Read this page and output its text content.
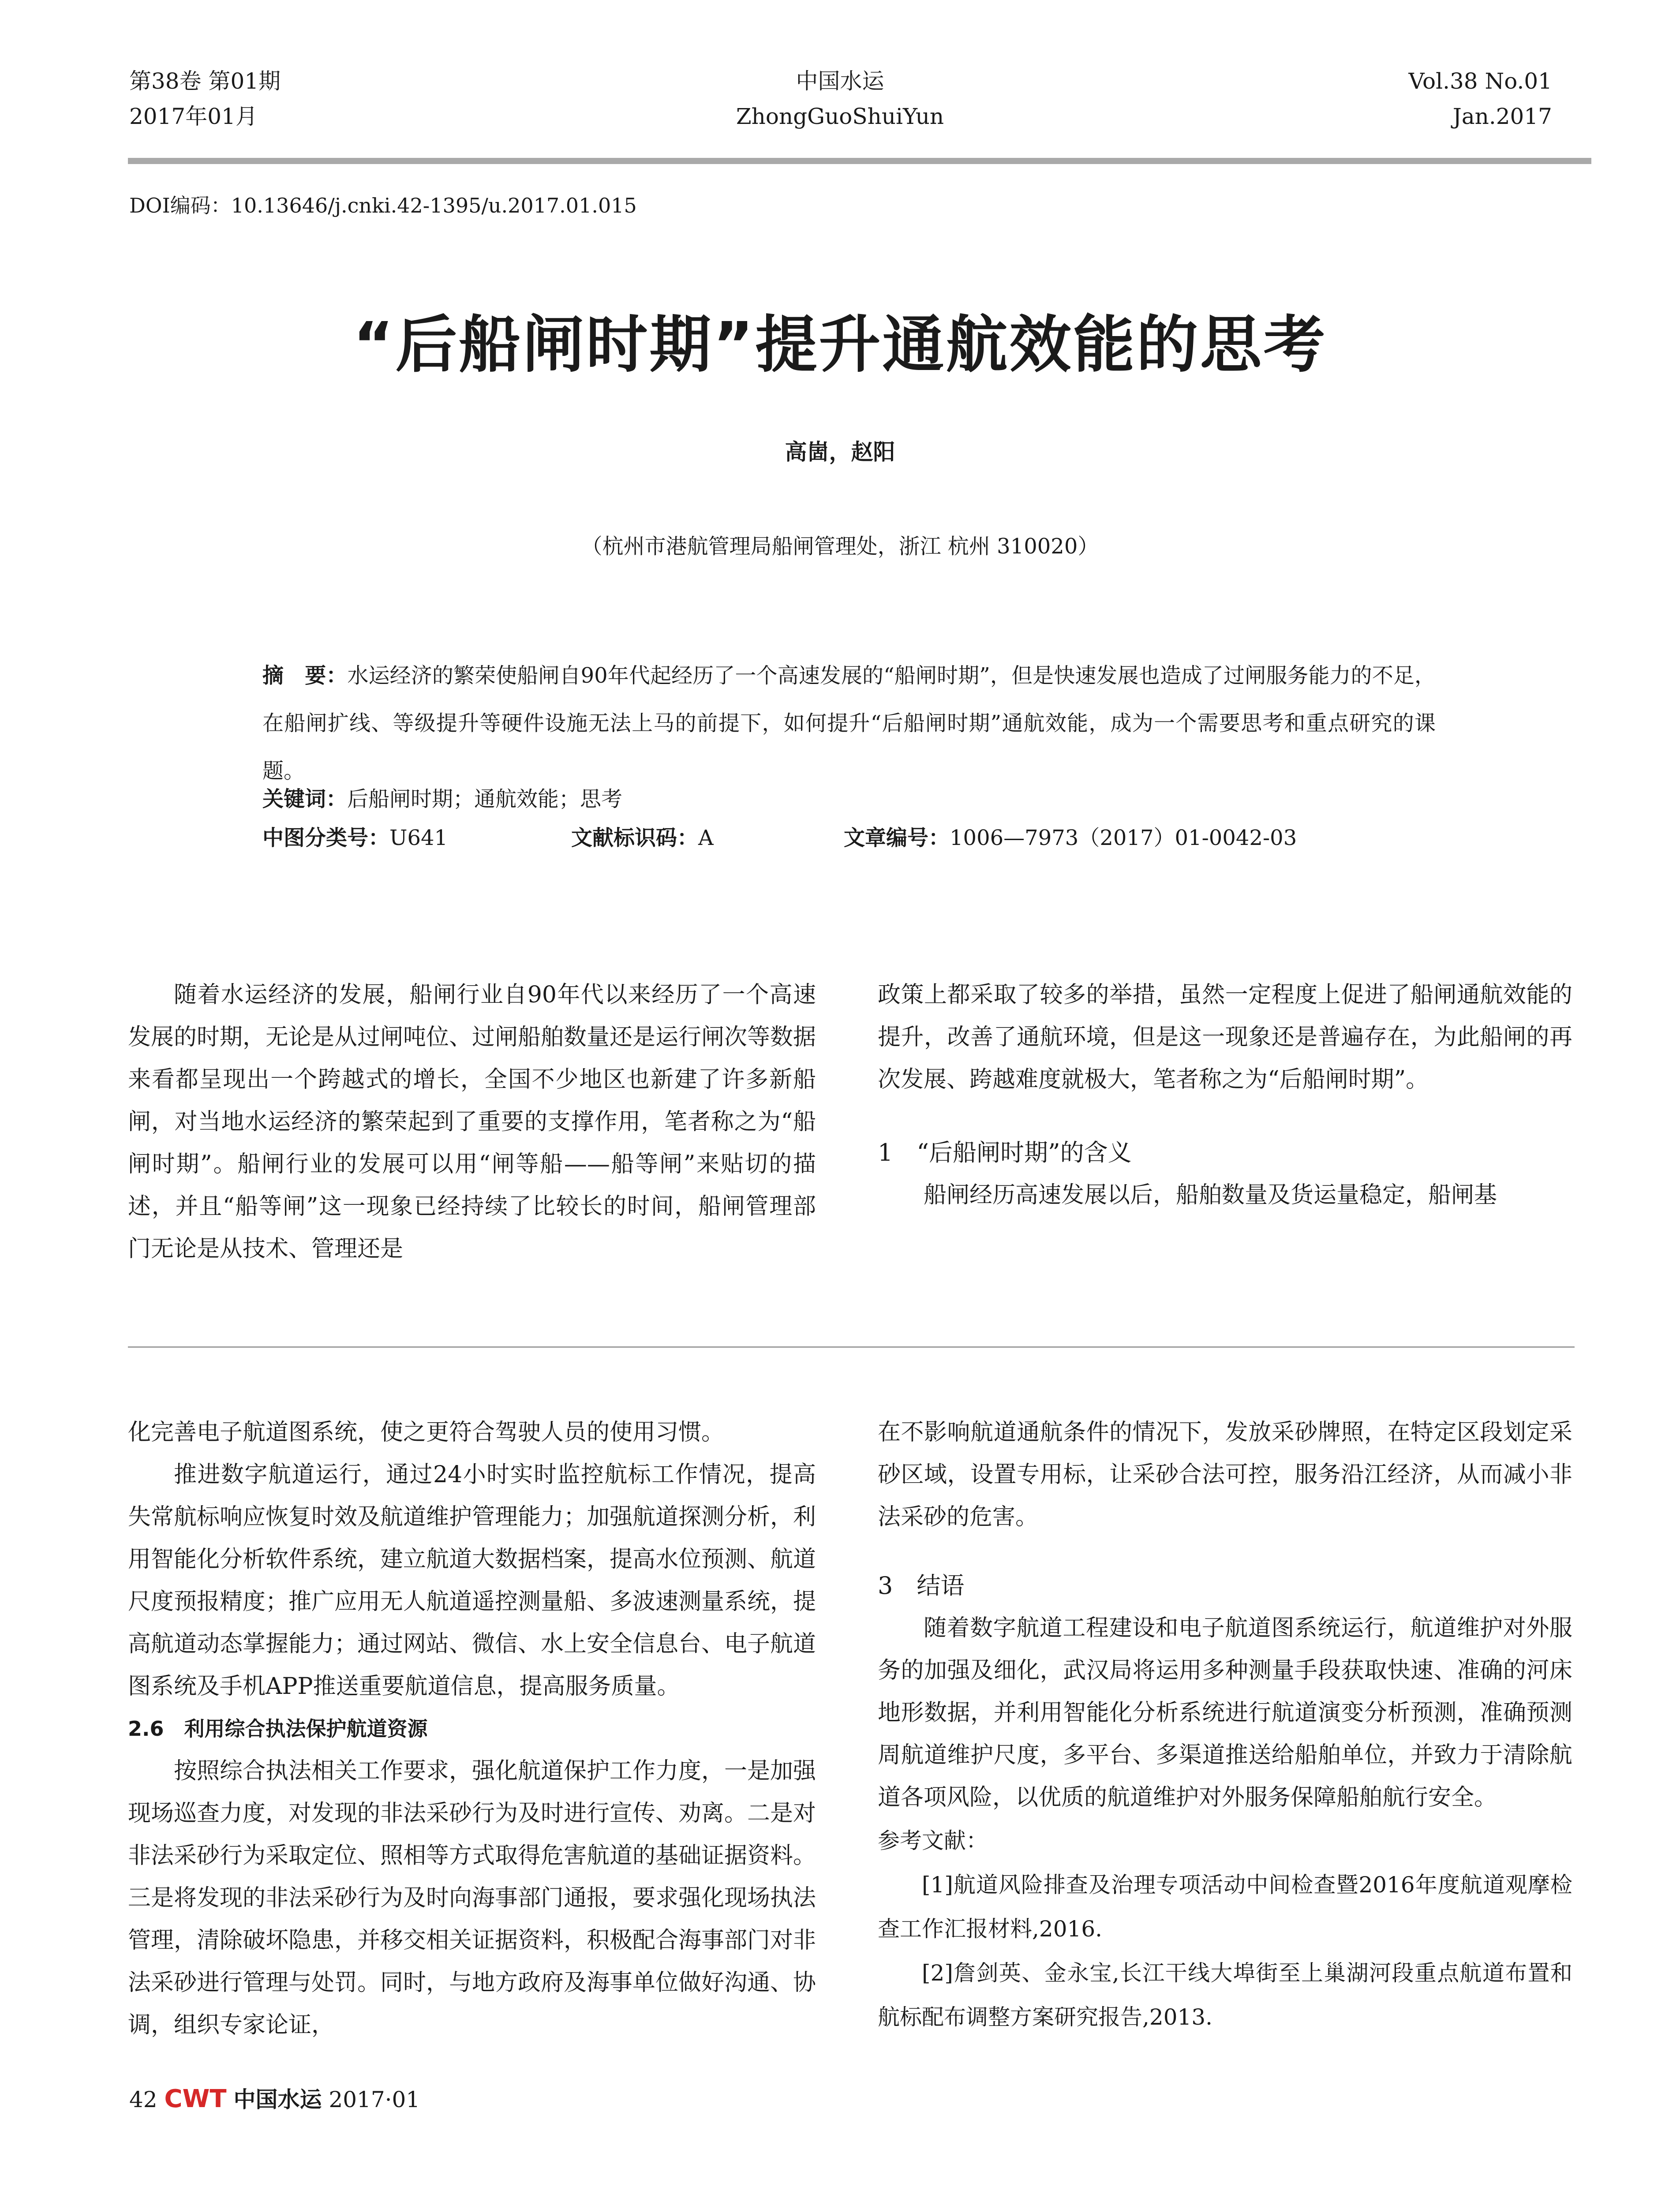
第38卷 第01期
2017年01月
中国水运
ZhongGuoShuiYun
Vol.38 No.01
Jan.2017
DOI编码：10.13646/j.cnki.42-1395/u.2017.01.015
“后船闸时期”提升通航效能的思考
高崮，赵阳
（杭州市港航管理局船闸管理处，浙江 杭州 310020）
摘　要：水运经济的繁荣使船闸自90年代起经历了一个高速发展的“船闸时期”，但是快速发展也造成了过闸服务能力的不足，在船闸扩线、等级提升等硬件设施无法上马的前提下，如何提升“后船闸时期”通航效能，成为一个需要思考和重点研究的课题。
关键词：后船闸时期；通航效能；思考
中图分类号：U641	文献标识码：A	文章编号：1006—7973（2017）01-0042-03

随着水运经济的发展，船闸行业自90年代以来经历了一个高速发展的时期，无论是从过闸吨位、过闸船舶数量还是运行闸次等数据来看都呈现出一个跨越式的增长，全国不少地区也新建了许多新船闸，对当地水运经济的繁荣起到了重要的支撑作用，笔者称之为“船闸时期”。船闸行业的发展可以用“闸等船——船等闸”来贴切的描述，并且“船等闸”这一现象已经持续了比较长的时间，船闸管理部门无论是从技术、管理还是

政策上都采取了较多的举措，虽然一定程度上促进了船闸通航效能的提升，改善了通航环境，但是这一现象还是普遍存在，为此船闸的再次发展、跨越难度就极大，笔者称之为“后船闸时期”。

1　“后船闸时期”的含义

船闸经历高速发展以后，船舶数量及货运量稳定，船闸基

化完善电子航道图系统，使之更符合驾驶人员的使用习惯。

推进数字航道运行，通过24小时实时监控航标工作情况，提高失常航标响应恢复时效及航道维护管理能力；加强航道探测分析，利用智能化分析软件系统，建立航道大数据档案，提高水位预测、航道尺度预报精度；推广应用无人航道遥控测量船、多波速测量系统，提高航道动态掌握能力；通过网站、微信、水上安全信息台、电子航道图系统及手机APP推送重要航道信息，提高服务质量。

2.6　利用综合执法保护航道资源

按照综合执法相关工作要求，强化航道保护工作力度，一是加强现场巡查力度，对发现的非法采砂行为及时进行宣传、劝离。二是对非法采砂行为采取定位、照相等方式取得危害航道的基础证据资料。三是将发现的非法采砂行为及时向海事部门通报，要求强化现场执法管理，清除破坏隐患，并移交相关证据资料，积极配合海事部门对非法采砂进行管理与处罚。同时，与地方政府及海事单位做好沟通、协调，组织专家论证，

在不影响航道通航条件的情况下，发放采砂牌照，在特定区段划定采砂区域，设置专用标，让采砂合法可控，服务沿江经济，从而减小非法采砂的危害。

3　结语

随着数字航道工程建设和电子航道图系统运行，航道维护对外服务的加强及细化，武汉局将运用多种测量手段获取快速、准确的河床地形数据，并利用智能化分析系统进行航道演变分析预测，准确预测周航道维护尺度，多平台、多渠道推送给船舶单位，并致力于清除航道各项风险，以优质的航道维护对外服务保障船舶航行安全。

参考文献：

[1]航道风险排查及治理专项活动中间检查暨2016年度航道观摩检查工作汇报材料,2016.

[2]詹剑英、金永宝,长江干线大埠街至上巢湖河段重点航道布置和航标配布调整方案研究报告,2013.

42 CWT 中国水运 2017·01
